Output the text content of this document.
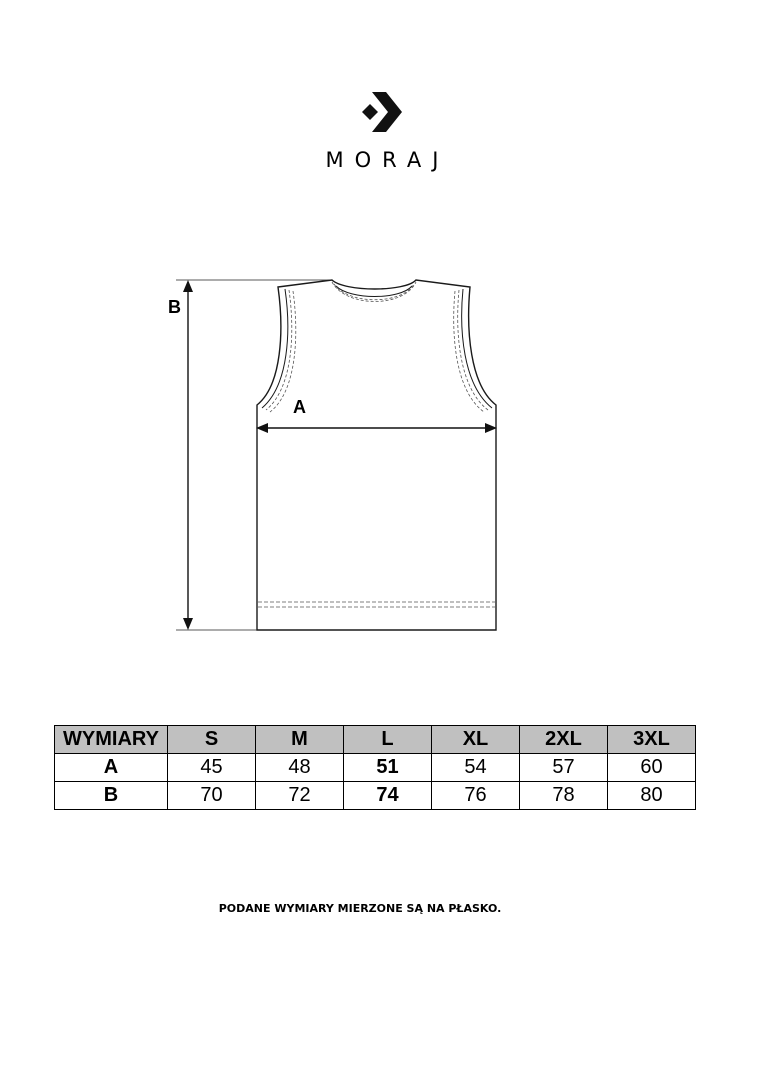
MORAJ
B
A
WYMIARY	S	M	L	XL	2XL	3XL
A	45	48	51	54	57	60
B	70	72	74	76	78	80
PODANE WYMIARY MIERZONE SĄ NA PŁASKO.
